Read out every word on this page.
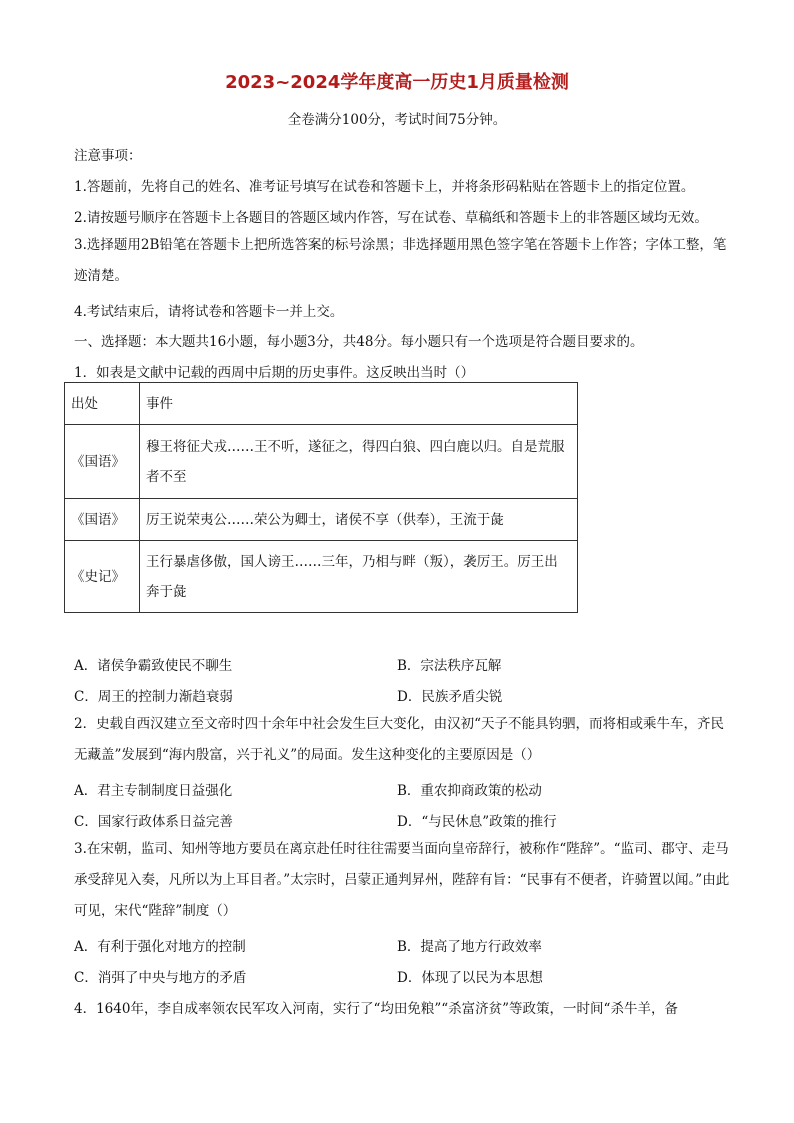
2023~2024学年度高一历史1月质量检测
全卷满分100分，考试时间75分钟。
注意事项：
1.答题前，先将自己的姓名、准考证号填写在试卷和答题卡上，并将条形码粘贴在答题卡上的指定位置。
2.请按题号顺序在答题卡上各题目的答题区域内作答，写在试卷、草稿纸和答题卡上的非答题区域均无效。
3.选择题用2B铅笔在答题卡上把所选答案的标号涂黑；非选择题用黑色签字笔在答题卡上作答；字体工整，笔迹清楚。
4.考试结束后，请将试卷和答题卡一并上交。
一、选择题：本大题共16小题，每小题3分，共48分。每小题只有一个选项是符合题目要求的。
1．如表是文献中记载的西周中后期的历史事件。这反映出当时（）
出处	事件
《国语》	穆王将征犬戎……王不听，遂征之，得四白狼、四白鹿以归。自是荒服者不至
《国语》	厉王说荣夷公……荣公为卿士，诸侯不享（供奉），王流于彘
《史记》	王行暴虐侈傲，国人谤王……三年，乃相与畔（叛），袭厉王。厉王出奔于彘
A．诸侯争霸致使民不聊生	B．宗法秩序瓦解
C．周王的控制力渐趋衰弱	D．民族矛盾尖锐
2．史载自西汉建立至文帝时四十余年中社会发生巨大变化，由汉初“天子不能具钧驷，而将相或乘牛车，齐民无藏盖”发展到“海内殷富，兴于礼义”的局面。发生这种变化的主要原因是（）
A．君主专制制度日益强化	B．重农抑商政策的松动
C．国家行政体系日益完善	D．“与民休息”政策的推行
3.在宋朝，监司、知州等地方要员在离京赴任时往往需要当面向皇帝辞行，被称作“陛辞”。“监司、郡守、走马承受辞见入奏，凡所以为上耳目者。”太宗时，吕蒙正通判昇州，陛辞有旨：“民事有不便者，许骑置以闻。”由此可见，宋代“陛辞”制度（）
A．有利于强化对地方的控制	B．提高了地方行政效率
C．消弭了中央与地方的矛盾	D．体现了以民为本思想
4．1640年，李自成率领农民军攻入河南，实行了“均田免粮”“杀富济贫”等政策，一时间“杀牛羊，备
